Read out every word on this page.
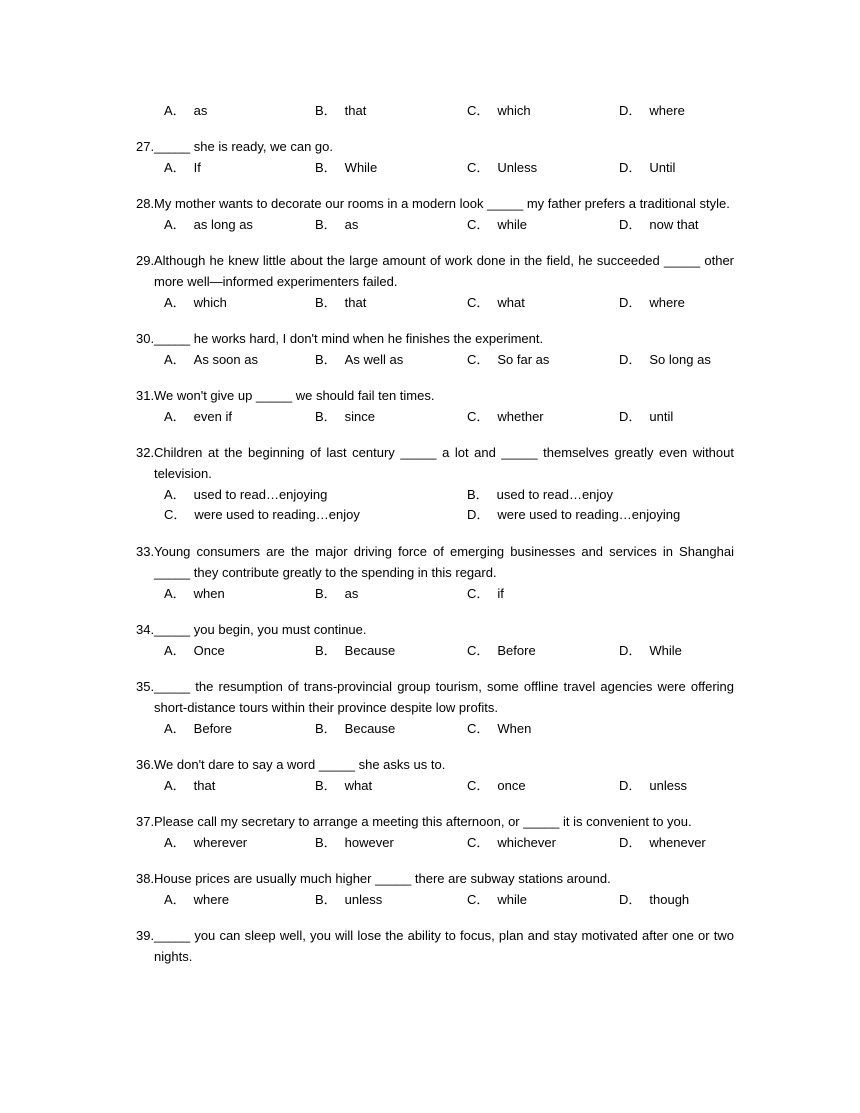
A． as	B． that	C． which	D． where
27. _____ she is ready, we can go.
A． If	B． While	C． Unless	D． Until
28. My mother wants to decorate our rooms in a modern look _____ my father prefers a traditional style.
A． as long as	B． as	C． while	D． now that
29. Although he knew little about the large amount of work done in the field, he succeeded _____ other more well—informed experimenters failed.
A． which	B． that	C． what	D． where
30. _____ he works hard, I don't mind when he finishes the experiment.
A． As soon as	B． As well as	C． So far as	D． So long as
31. We won't give up _____ we should fail ten times.
A． even if	B． since	C． whether	D． until
32. Children at the beginning of last century _____ a lot and _____ themselves greatly even without television.
A． used to read…enjoying	B． used to read…enjoy
C． were used to reading…enjoy	D． were used to reading…enjoying
33. Young consumers are the major driving force of emerging businesses and services in Shanghai _____ they contribute greatly to the spending in this regard.
A． when	B． as	C． if
34. _____ you begin, you must continue.
A． Once	B． Because	C． Before	D． While
35. _____ the resumption of trans-provincial group tourism, some offline travel agencies were offering short-distance tours within their province despite low profits.
A． Before	B． Because	C． When
36. We don't dare to say a word _____ she asks us to.
A． that	B． what	C． once	D． unless
37. Please call my secretary to arrange a meeting this afternoon, or _____ it is convenient to you.
A． wherever	B． however	C． whichever	D． whenever
38. House prices are usually much higher _____ there are subway stations around.
A． where	B． unless	C． while	D． though
39. _____ you can sleep well, you will lose the ability to focus, plan and stay motivated after one or two nights.
